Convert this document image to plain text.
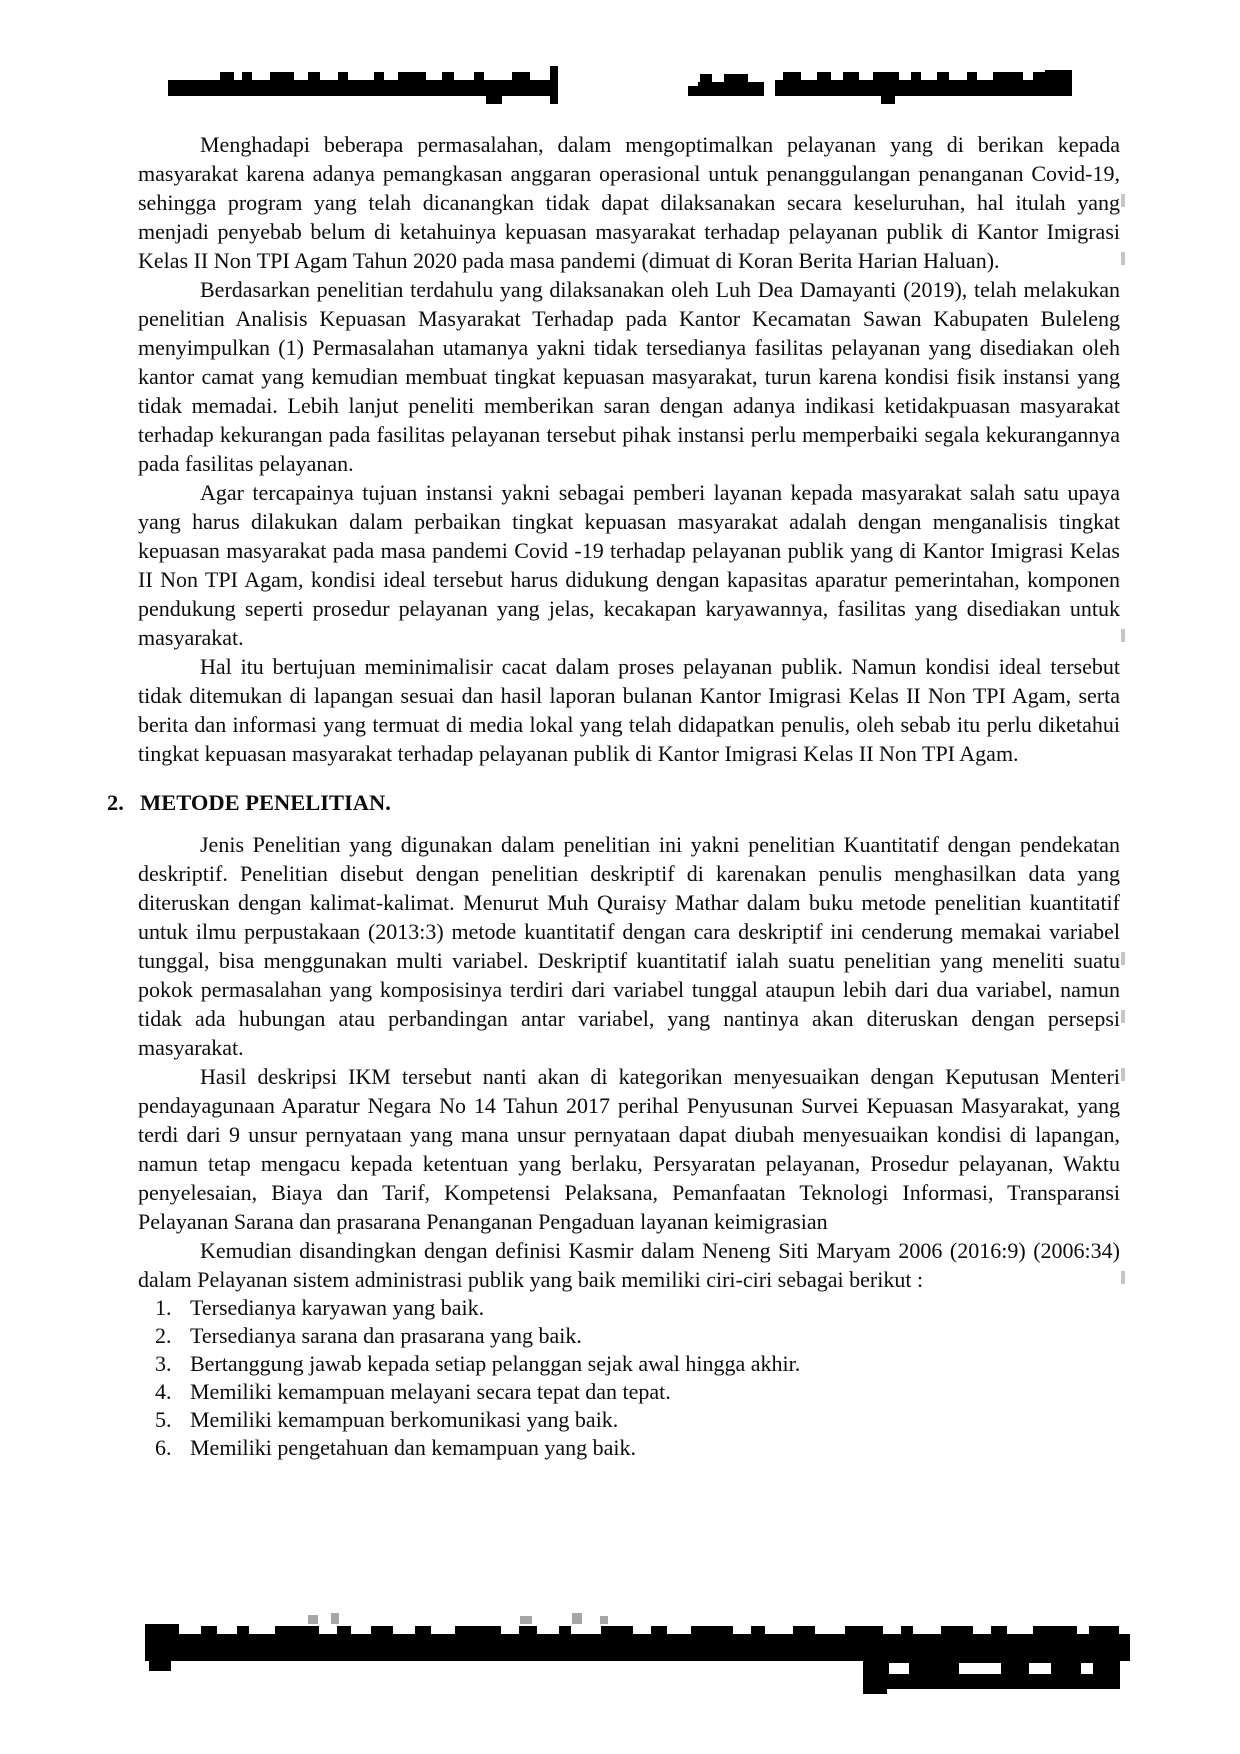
Menghadapi beberapa permasalahan, dalam mengoptimalkan pelayanan yang di berikan kepada masyarakat karena adanya pemangkasan anggaran operasional untuk penanggulangan penanganan Covid-19, sehingga program yang telah dicanangkan tidak dapat dilaksanakan secara keseluruhan, hal itulah yang menjadi penyebab belum di ketahuinya kepuasan masyarakat terhadap pelayanan publik di Kantor Imigrasi Kelas II Non TPI Agam Tahun 2020 pada masa pandemi (dimuat di Koran Berita Harian Haluan).

Berdasarkan penelitian terdahulu yang dilaksanakan oleh Luh Dea Damayanti (2019), telah melakukan penelitian Analisis Kepuasan Masyarakat Terhadap pada Kantor Kecamatan Sawan Kabupaten Buleleng menyimpulkan (1) Permasalahan utamanya yakni tidak tersedianya fasilitas pelayanan yang disediakan oleh kantor camat yang kemudian membuat tingkat kepuasan masyarakat, turun karena kondisi fisik instansi yang tidak memadai. Lebih lanjut peneliti memberikan saran dengan adanya indikasi ketidakpuasan masyarakat terhadap kekurangan pada fasilitas pelayanan tersebut pihak instansi perlu memperbaiki segala kekurangannya pada fasilitas pelayanan.

Agar tercapainya tujuan instansi yakni sebagai pemberi layanan kepada masyarakat salah satu upaya yang harus dilakukan dalam perbaikan tingkat kepuasan masyarakat adalah dengan menganalisis tingkat kepuasan masyarakat pada masa pandemi Covid -19 terhadap pelayanan publik yang di Kantor Imigrasi Kelas II Non TPI Agam, kondisi ideal tersebut harus didukung dengan kapasitas aparatur pemerintahan, komponen pendukung seperti prosedur pelayanan yang jelas, kecakapan karyawannya, fasilitas yang disediakan untuk masyarakat.

Hal itu bertujuan meminimalisir cacat dalam proses pelayanan publik. Namun kondisi ideal tersebut tidak ditemukan di lapangan sesuai dan hasil laporan bulanan Kantor Imigrasi Kelas II Non TPI Agam, serta berita dan informasi yang termuat di media lokal yang telah didapatkan penulis, oleh sebab itu perlu diketahui tingkat kepuasan masyarakat terhadap pelayanan publik di Kantor Imigrasi Kelas II Non TPI Agam.

2. METODE PENELITIAN.

Jenis Penelitian yang digunakan dalam penelitian ini yakni penelitian Kuantitatif dengan pendekatan deskriptif. Penelitian disebut dengan penelitian deskriptif di karenakan penulis menghasilkan data yang diteruskan dengan kalimat-kalimat. Menurut Muh Quraisy Mathar dalam buku metode penelitian kuantitatif untuk ilmu perpustakaan (2013:3) metode kuantitatif dengan cara deskriptif ini cenderung memakai variabel tunggal, bisa menggunakan multi variabel. Deskriptif kuantitatif ialah suatu penelitian yang meneliti suatu pokok permasalahan yang komposisinya terdiri dari variabel tunggal ataupun lebih dari dua variabel, namun tidak ada hubungan atau perbandingan antar variabel, yang nantinya akan diteruskan dengan persepsi masyarakat.

Hasil deskripsi IKM tersebut nanti akan di kategorikan menyesuaikan dengan Keputusan Menteri pendayagunaan Aparatur Negara No 14 Tahun 2017 perihal Penyusunan Survei Kepuasan Masyarakat, yang terdi dari 9 unsur pernyataan yang mana unsur pernyataan dapat diubah menyesuaikan kondisi di lapangan, namun tetap mengacu kepada ketentuan yang berlaku, Persyaratan pelayanan, Prosedur pelayanan, Waktu penyelesaian, Biaya dan Tarif, Kompetensi Pelaksana, Pemanfaatan Teknologi Informasi, Transparansi Pelayanan Sarana dan prasarana Penanganan Pengaduan layanan keimigrasian

Kemudian disandingkan dengan definisi Kasmir dalam Neneng Siti Maryam 2006 (2016:9) (2006:34) dalam Pelayanan sistem administrasi publik yang baik memiliki ciri-ciri sebagai berikut :

1. Tersedianya karyawan yang baik.
2. Tersedianya sarana dan prasarana yang baik.
3. Bertanggung jawab kepada setiap pelanggan sejak awal hingga akhir.
4. Memiliki kemampuan melayani secara tepat dan tepat.
5. Memiliki kemampuan berkomunikasi yang baik.
6. Memiliki pengetahuan dan kemampuan yang baik.
